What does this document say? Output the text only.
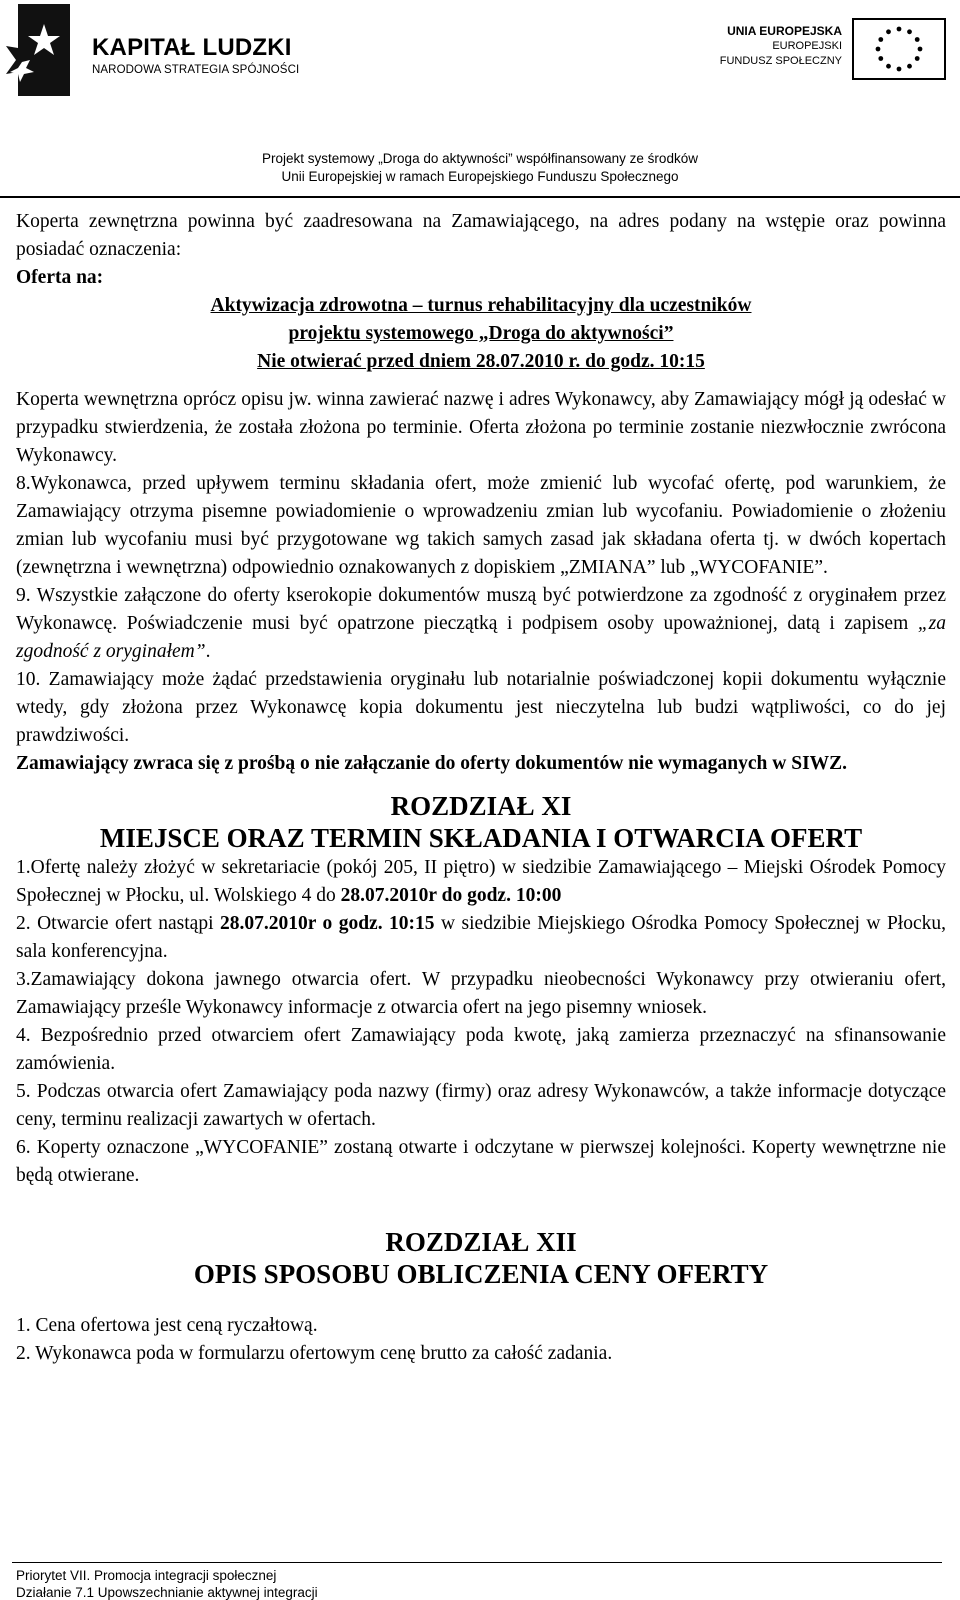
KAPITAŁ LUDZKI
NARODOWA STRATEGIA SPÓJNOŚCI
UNIA EUROPEJSKA
EUROPEJSKI
FUNDUSZ SPOŁECZNY
Projekt systemowy „Droga do aktywności” współfinansowany ze środków
Unii Europejskiej w ramach Europejskiego Funduszu Społecznego

Koperta zewnętrzna powinna być zaadresowana na Zamawiającego, na adres podany na wstępie oraz powinna posiadać oznaczenia:

Oferta na:

Aktywizacja zdrowotna – turnus rehabilitacyjny dla uczestników

projektu systemowego „Droga do aktywności”

Nie otwierać przed dniem 28.07.2010 r. do godz. 10:15

Koperta wewnętrzna oprócz opisu jw. winna zawierać nazwę i adres Wykonawcy, aby Zamawiający mógł ją odesłać w przypadku stwierdzenia, że została złożona po terminie. Oferta złożona po terminie zostanie niezwłocznie zwrócona Wykonawcy.

8.Wykonawca, przed upływem terminu składania ofert, może zmienić lub wycofać ofertę, pod warunkiem, że Zamawiający otrzyma pisemne powiadomienie o wprowadzeniu zmian lub wycofaniu. Powiadomienie o złożeniu zmian lub wycofaniu musi być przygotowane wg takich samych zasad jak składana oferta tj. w dwóch kopertach (zewnętrzna i wewnętrzna) odpowiednio oznakowanych z dopiskiem „ZMIANA” lub „WYCOFANIE”.

9. Wszystkie załączone do oferty kserokopie dokumentów muszą być potwierdzone za zgodność z oryginałem przez Wykonawcę. Poświadczenie musi być opatrzone pieczątką i podpisem osoby upoważnionej, datą i zapisem „za zgodność z oryginałem”.

10. Zamawiający może żądać przedstawienia oryginału lub notarialnie poświadczonej kopii dokumentu wyłącznie wtedy, gdy złożona przez Wykonawcę kopia dokumentu jest nieczytelna lub budzi wątpliwości, co do jej prawdziwości.

Zamawiający zwraca się z prośbą o nie załączanie do oferty dokumentów nie wymaganych w SIWZ.

ROZDZIAŁ XI
MIEJSCE ORAZ TERMIN SKŁADANIA I OTWARCIA OFERT

1.Ofertę należy złożyć w sekretariacie (pokój 205, II piętro) w siedzibie Zamawiającego – Miejski Ośrodek Pomocy Społecznej w Płocku, ul. Wolskiego 4 do 28.07.2010r do godz. 10:00

2. Otwarcie ofert nastąpi 28.07.2010r o godz. 10:15 w siedzibie Miejskiego Ośrodka Pomocy Społecznej w Płocku, sala konferencyjna.

3.Zamawiający dokona jawnego otwarcia ofert. W przypadku nieobecności Wykonawcy przy otwieraniu ofert, Zamawiający prześle Wykonawcy informacje z otwarcia ofert na jego pisemny wniosek.

4. Bezpośrednio przed otwarciem ofert Zamawiający poda kwotę, jaką zamierza przeznaczyć na sfinansowanie zamówienia.

5. Podczas otwarcia ofert Zamawiający poda nazwy (firmy) oraz adresy Wykonawców, a także informacje dotyczące ceny, terminu realizacji zawartych w ofertach.

6. Koperty oznaczone „WYCOFANIE” zostaną otwarte i odczytane w pierwszej kolejności. Koperty wewnętrzne nie będą otwierane.

ROZDZIAŁ XII
OPIS SPOSOBU OBLICZENIA CENY OFERTY

1. Cena ofertowa jest ceną ryczałtową.

2. Wykonawca poda w formularzu ofertowym cenę brutto za całość zadania.

Priorytet VII. Promocja integracji społecznej
Działanie 7.1 Upowszechnianie aktywnej integracji
